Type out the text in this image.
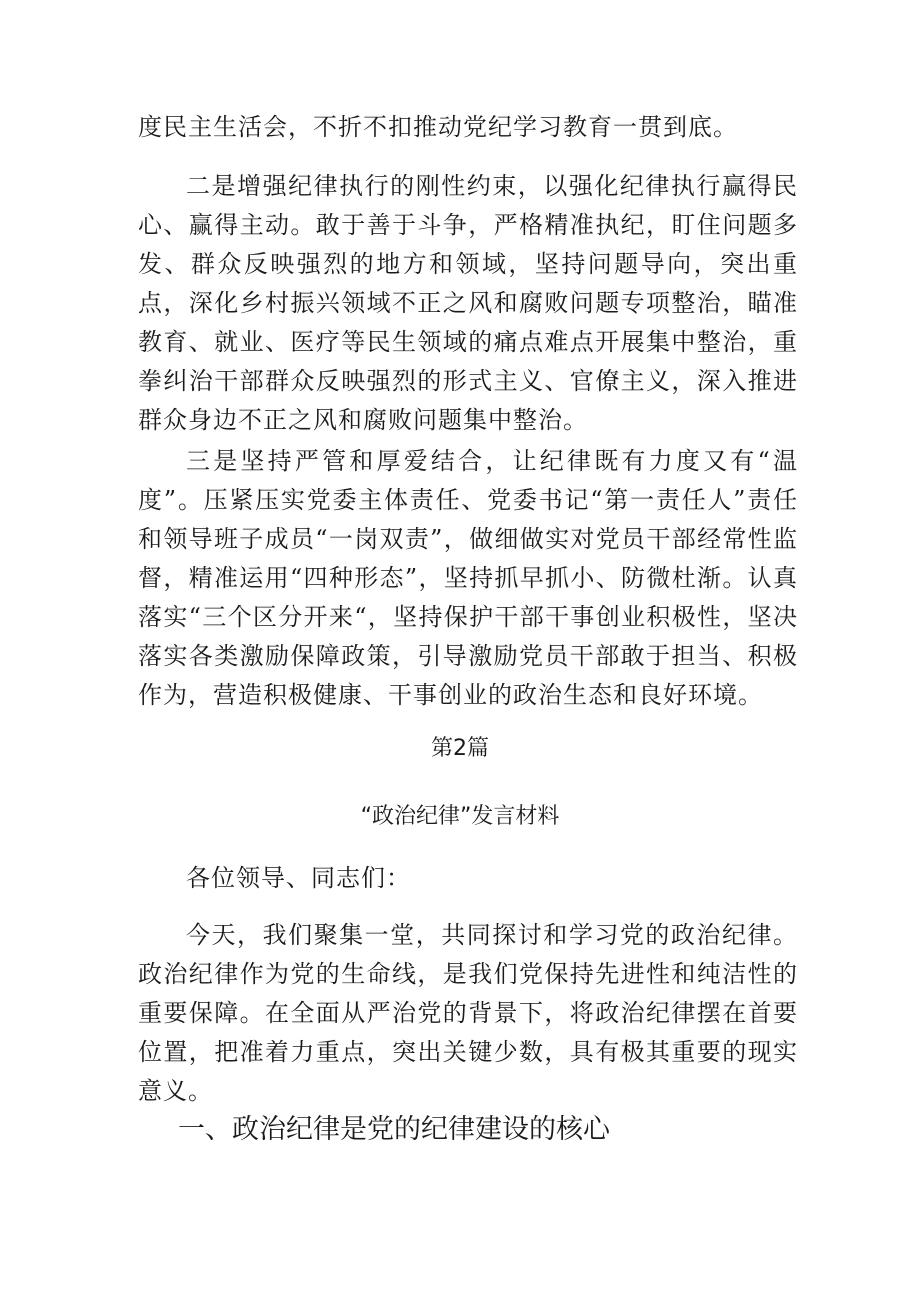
度民主生活会，不折不扣推动党纪学习教育一贯到底。

二是增强纪律执行的刚性约束，以强化纪律执行赢得民心、赢得主动。敢于善于斗争，严格精准执纪，盯住问题多发、群众反映强烈的地方和领域，坚持问题导向，突出重点，深化乡村振兴领域不正之风和腐败问题专项整治，瞄准教育、就业、医疗等民生领域的痛点难点开展集中整治，重拳纠治干部群众反映强烈的形式主义、官僚主义，深入推进群众身边不正之风和腐败问题集中整治。

三是坚持严管和厚爱结合，让纪律既有力度又有“温度”。压紧压实党委主体责任、党委书记“第一责任人”责任和领导班子成员“一岗双责”，做细做实对党员干部经常性监督，精准运用“四种形态”，坚持抓早抓小、防微杜渐。认真落实“三个区分开来“，坚持保护干部干事创业积极性，坚决落实各类激励保障政策，引导激励党员干部敢于担当、积极作为，营造积极健康、干事创业的政治生态和良好环境。

第2篇
“政治纪律”发言材料
各位领导、同志们：

今天，我们聚集一堂，共同探讨和学习党的政治纪律。政治纪律作为党的生命线，是我们党保持先进性和纯洁性的重要保障。在全面从严治党的背景下，将政治纪律摆在首要位置，把准着力重点，突出关键少数，具有极其重要的现实意义。

一、政治纪律是党的纪律建设的核心
